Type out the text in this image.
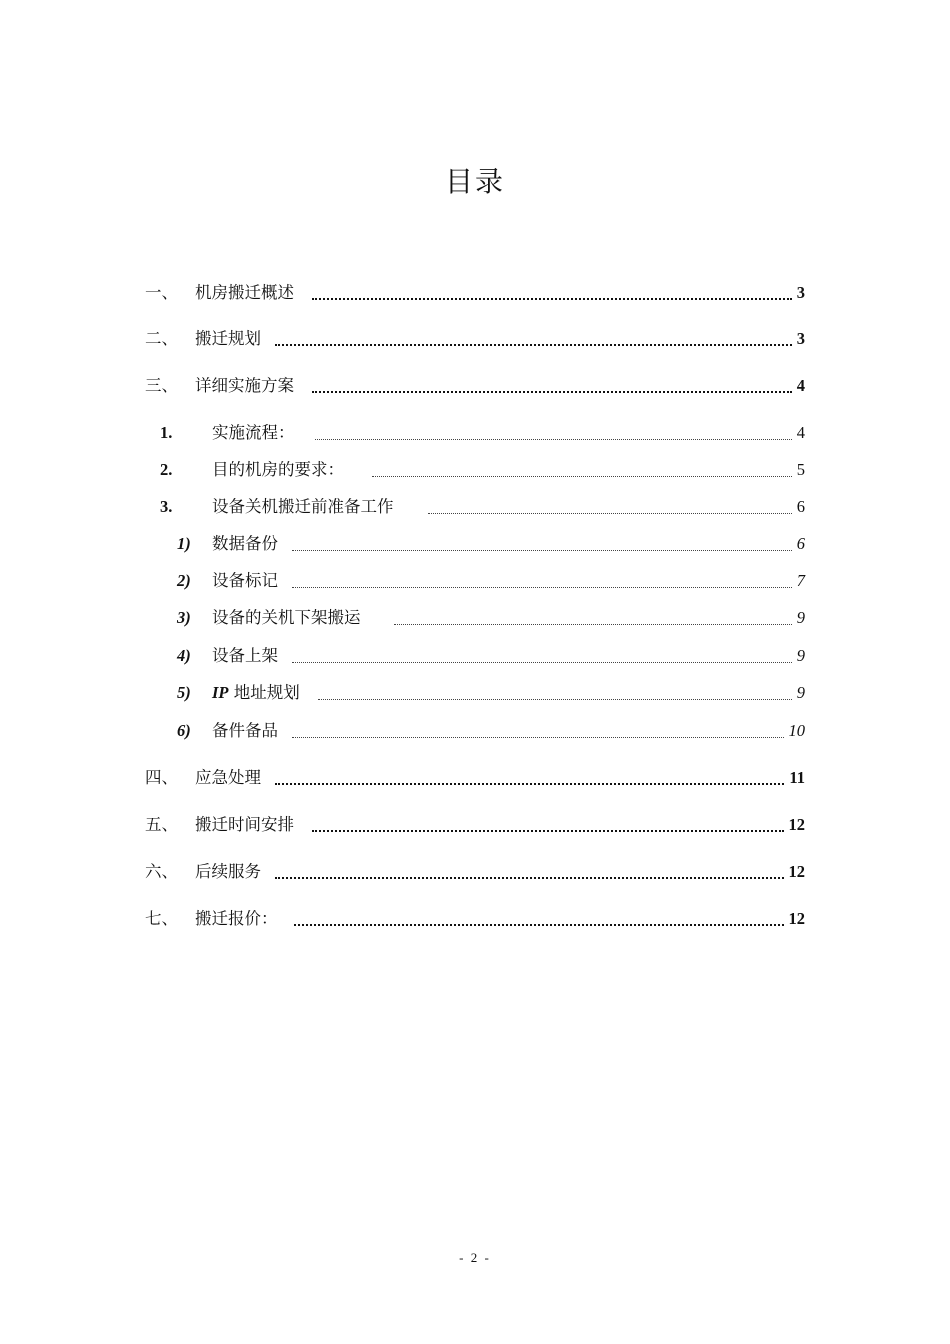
目录
一、 机房搬迁概述	3
二、 搬迁规划	3
三、 详细实施方案	4
1. 实施流程：	4
2. 目的机房的要求：	5
3. 设备关机搬迁前准备工作	6
1) 数据备份	6
2) 设备标记	7
3) 设备的关机下架搬运	9
4) 设备上架	9
5) IP 地址规划	9
6) 备件备品	10
四、 应急处理	11
五、 搬迁时间安排	12
六、 后续服务	12
七、 搬迁报价：	12
- 2 -
